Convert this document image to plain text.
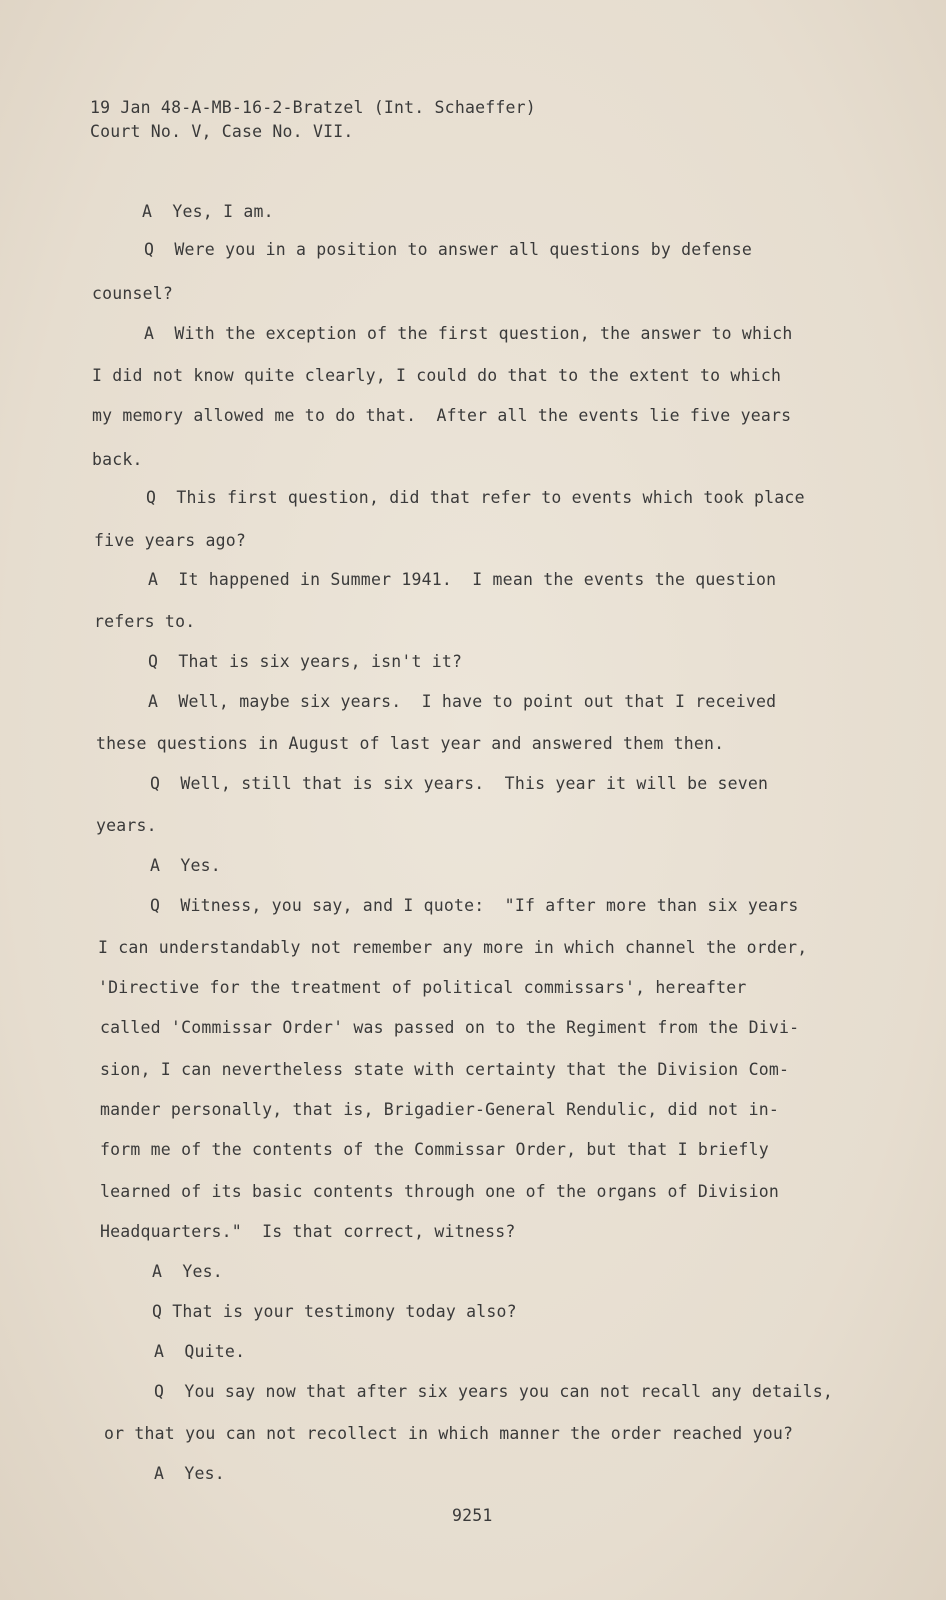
19 Jan 48-A-MB-16-2-Bratzel (Int. Schaeffer)
Court No. V, Case No. VII.
A  Yes, I am.
Q  Were you in a position to answer all questions by defense
counsel?
A  With the exception of the first question, the answer to which
I did not know quite clearly, I could do that to the extent to which
my memory allowed me to do that.  After all the events lie five years
back.
Q  This first question, did that refer to events which took place
five years ago?
A  It happened in Summer 1941.  I mean the events the question
refers to.
Q  That is six years, isn't it?
A  Well, maybe six years.  I have to point out that I received
these questions in August of last year and answered them then.
Q  Well, still that is six years.  This year it will be seven
years.
A  Yes.
Q  Witness, you say, and I quote:  "If after more than six years
I can understandably not remember any more in which channel the order,
'Directive for the treatment of political commissars', hereafter
called 'Commissar Order' was passed on to the Regiment from the Divi-
sion, I can nevertheless state with certainty that the Division Com-
mander personally, that is, Brigadier-General Rendulic, did not in-
form me of the contents of the Commissar Order, but that I briefly
learned of its basic contents through one of the organs of Division
Headquarters."  Is that correct, witness?
A  Yes.
Q That is your testimony today also?
A  Quite.
Q  You say now that after six years you can not recall any details,
or that you can not recollect in which manner the order reached you?
A  Yes.
9251
